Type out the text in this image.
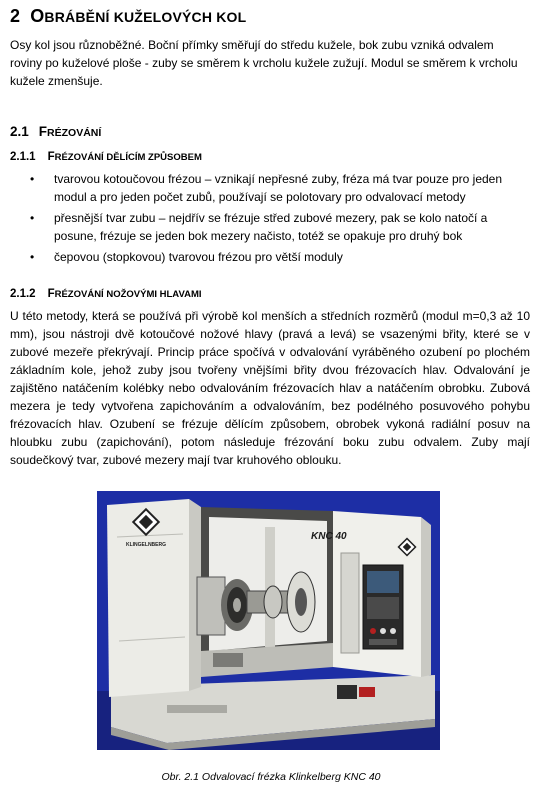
2 OBRÁBĚNÍ KUŽELOVÝCH KOL

Osy kol jsou různoběžné. Boční přímky směřují do středu kužele, bok zubu vzniká odvalem roviny po kuželové ploše - zuby se směrem k vrcholu kužele zužují. Modul se směrem k vrcholu kužele zmenšuje.

2.1 FRÉZOVÁNÍ
2.1.1 FRÉZOVÁNÍ DĚLÍCÍM ZPŮSOBEM
• tvarovou kotoučovou frézou – vznikají nepřesné zuby, fréza má tvar pouze pro jeden modul a pro jeden počet zubů, používají se polotovary pro odvalovací metody
• přesnější tvar zubu – nejdřív se frézuje střed zubové mezery, pak se kolo natočí a posune, frézuje se jeden bok mezery načisto, totéž se opakuje pro druhý bok
• čepovou (stopkovou) tvarovou frézou pro větší moduly
2.1.2 FRÉZOVÁNÍ NOŽOVÝMI HLAVAMI

U této metody, která se používá při výrobě kol menších a středních rozměrů (modul m=0,3 až 10 mm), jsou nástroji dvě kotoučové nožové hlavy (pravá a levá) se vsazenými břity, které se v zubové mezeře překrývají. Princip práce spočívá v odvalování vyráběného ozubení po plochém základním kole, jehož zuby jsou tvořeny vnějšími břity dvou frézovacích hlav. Odvalování je zajištěno natáčením kolébky nebo odvalováním frézovacích hlav a natáčením obrobku. Zubová mezera je tedy vytvořena zapichováním a odvalováním, bez podélného posuvového pohybu frézovacích hlav. Ozubení se frézuje dělícím způsobem, obrobek vykoná radiální posuv na hloubku zubu (zapichování), potom následuje frézování boku zubu odvalem. Zuby mají soudečkový tvar, zubové mezery mají tvar kruhového oblouku.

KLINGELNBERG
KNC 40
Obr. 2.1 Odvalovací frézka Klinkelberg KNC 40
